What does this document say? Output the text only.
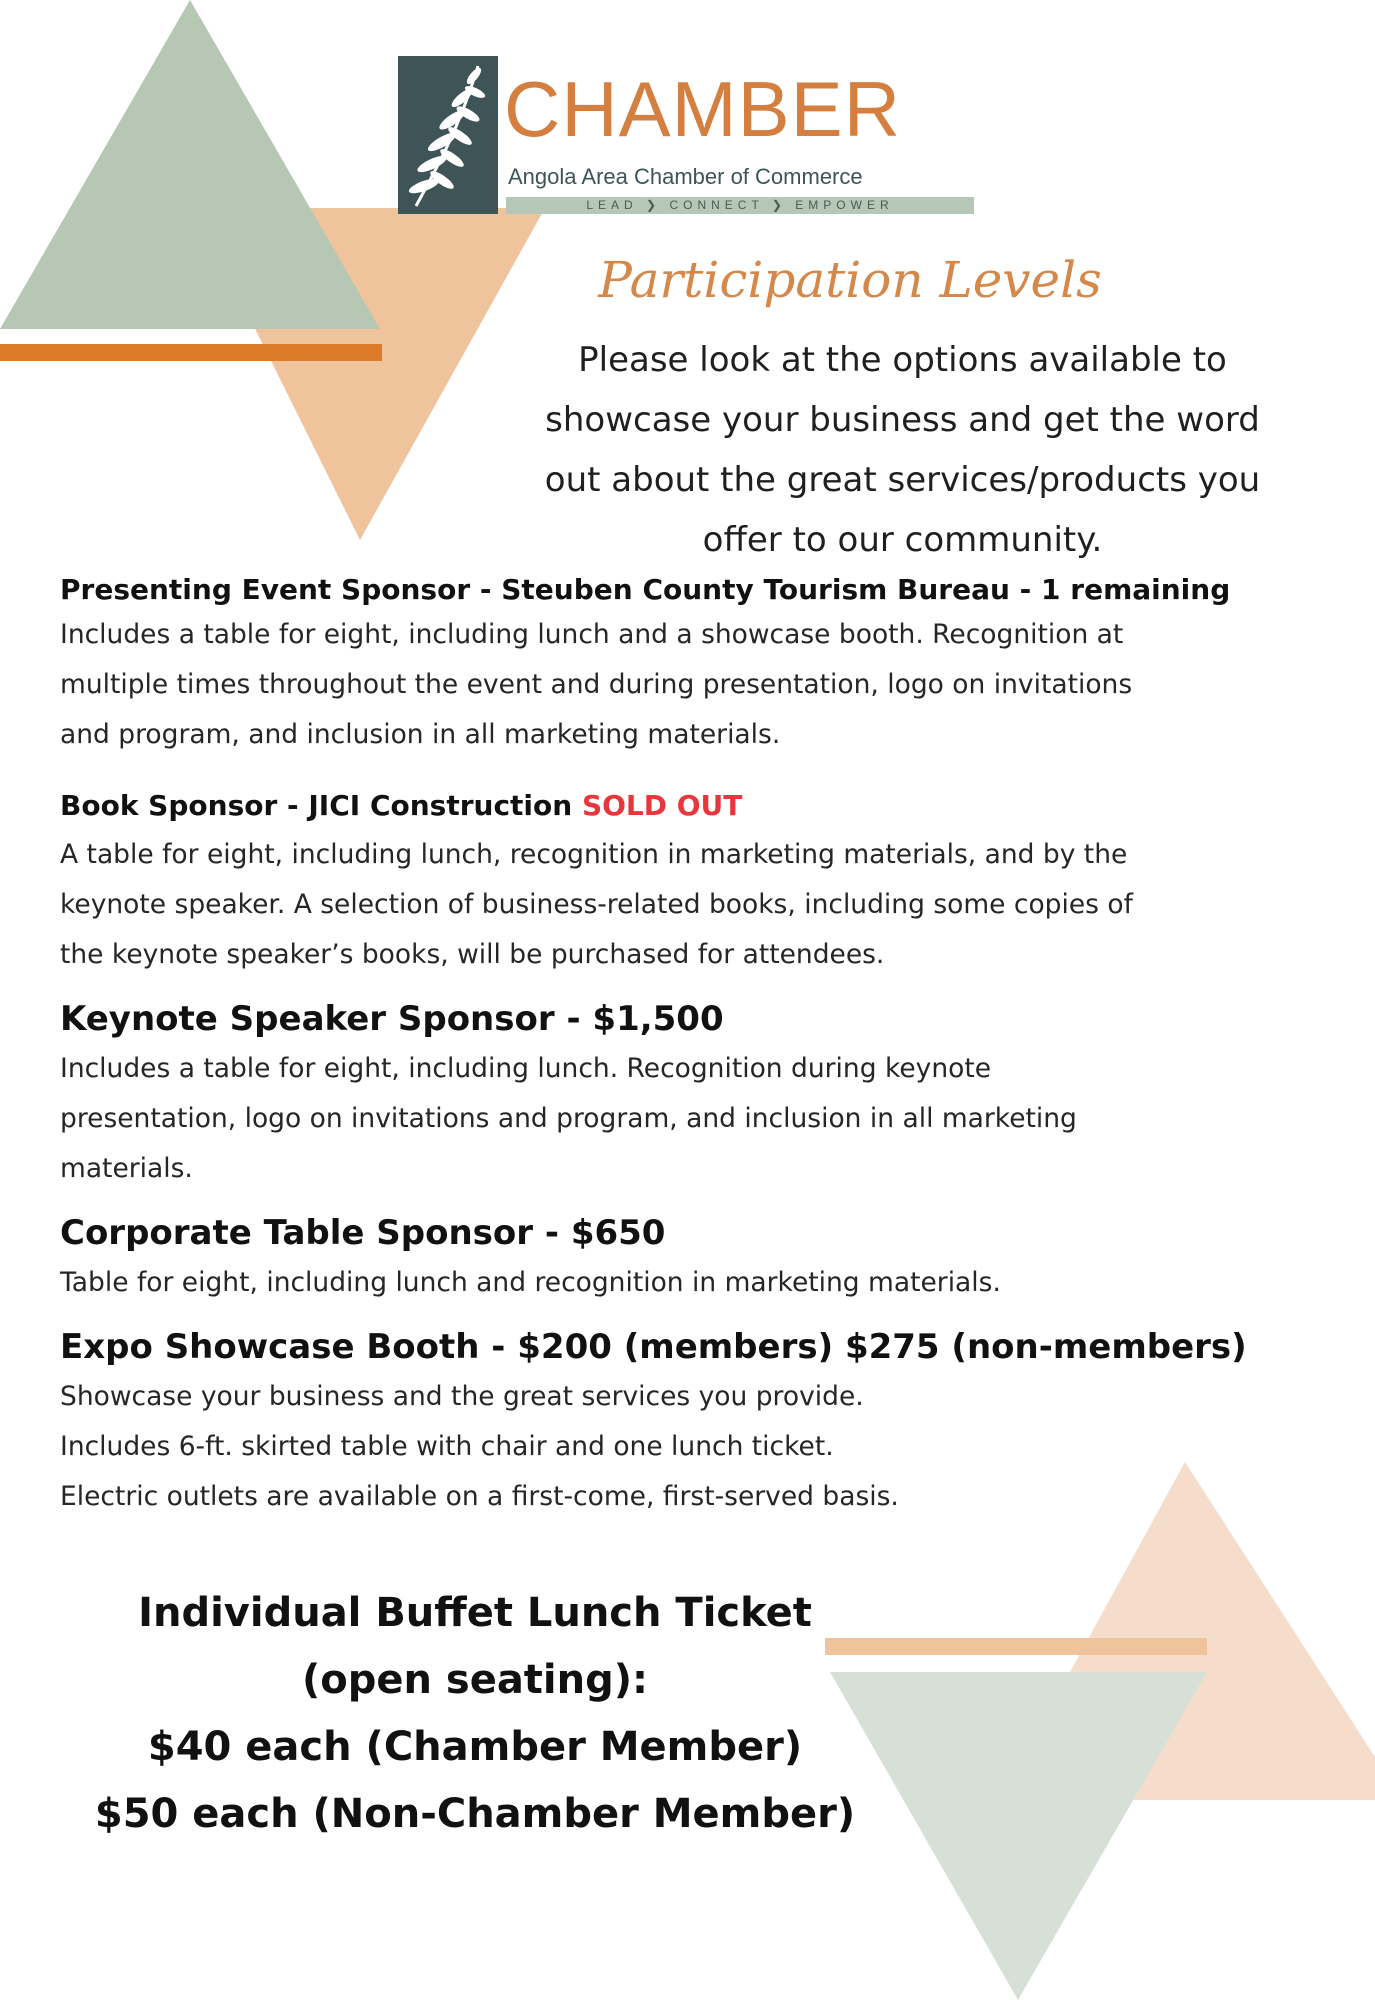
CHAMBER
Angola Area Chamber of Commerce
LEAD ❯ CONNECT ❯ EMPOWER
Participation Levels
Please look at the options available to
showcase your business and get the word
out about the great services/products you
offer to our community.
Presenting Event Sponsor - Steuben County Tourism Bureau - 1 remaining

Includes a table for eight, including lunch and a showcase booth. Recognition at
multiple times throughout the event and during presentation, logo on invitations
and program, and inclusion in all marketing materials.

Book Sponsor - JICI Construction SOLD OUT

A table for eight, including lunch, recognition in marketing materials, and by the
keynote speaker. A selection of business-related books, including some copies of
the keynote speaker’s books, will be purchased for attendees.

Keynote Speaker Sponsor - $1,500

Includes a table for eight, including lunch. Recognition during keynote
presentation, logo on invitations and program, and inclusion in all marketing
materials.

Corporate Table Sponsor - $650

Table for eight, including lunch and recognition in marketing materials.

Expo Showcase Booth - $200 (members) $275 (non-members)

Showcase your business and the great services you provide.
Includes 6-ft. skirted table with chair and one lunch ticket.
Electric outlets are available on a first-come, first-served basis.

Individual Buffet Lunch Ticket
(open seating):
$40 each (Chamber Member)
$50 each (Non-Chamber Member)
